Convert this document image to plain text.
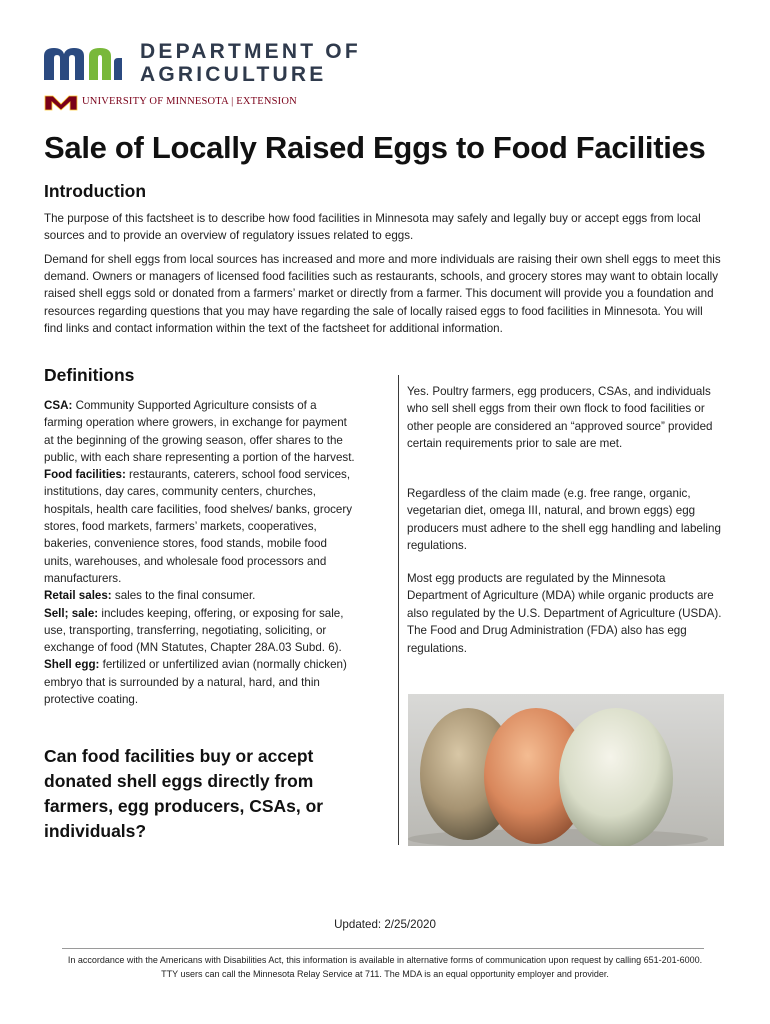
DEPARTMENT OF
AGRICULTURE
UNIVERSITY OF MINNESOTA | EXTENSION
Sale of Locally Raised Eggs to Food Facilities
Introduction
The purpose of this factsheet is to describe how food facilities in Minnesota may safely and legally buy or accept eggs from local sources and to provide an overview of regulatory issues related to eggs.
Demand for shell eggs from local sources has increased and more and more individuals are raising their own shell eggs to meet this demand. Owners or managers of licensed food facilities such as restaurants, schools, and grocery stores may want to obtain locally raised shell eggs sold or donated from a farmers’ market or directly from a farmer. This document will provide you a foundation and resources regarding questions that you may have regarding the sale of locally raised eggs to food facilities in Minnesota. You will find links and contact information within the text of the factsheet for additional information.
Definitions
CSA: Community Supported Agriculture consists of a farming operation where growers, in exchange for payment at the beginning of the growing season, offer shares to the public, with each share representing a portion of the harvest.
Food facilities: restaurants, caterers, school food services, institutions, day cares, community centers, churches, hospitals, health care facilities, food shelves/ banks, grocery stores, food markets, farmers’ markets, cooperatives, bakeries, convenience stores, food stands, mobile food units, warehouses, and wholesale food processors and manufacturers.
Retail sales: sales to the final consumer.
Sell; sale: includes keeping, offering, or exposing for sale, use, transporting, transferring, negotiating, soliciting, or exchange of food (MN Statutes, Chapter 28A.03 Subd. 6).
Shell egg: fertilized or unfertilized avian (normally chicken) embryo that is surrounded by a natural, hard, and thin protective coating.
Can food facilities buy or accept donated shell eggs directly from farmers, egg producers, CSAs, or individuals?
Yes. Poultry farmers, egg producers, CSAs, and individuals who sell shell eggs from their own flock to food facilities or other people are considered an “approved source” provided certain requirements prior to sale are met.
Regardless of the claim made (e.g. free range, organic, vegetarian diet, omega III, natural, and brown eggs) egg producers must adhere to the shell egg handling and labeling regulations.
Most egg products are regulated by the Minnesota Department of Agriculture (MDA) while organic products are also regulated by the U.S. Department of Agriculture (USDA). The Food and Drug Administration (FDA) also has egg regulations.
Updated: 2/25/2020
In accordance with the Americans with Disabilities Act, this information is available in alternative forms of communication upon request by calling 651-201-6000. TTY users can call the Minnesota Relay Service at 711. The MDA is an equal opportunity employer and provider.
